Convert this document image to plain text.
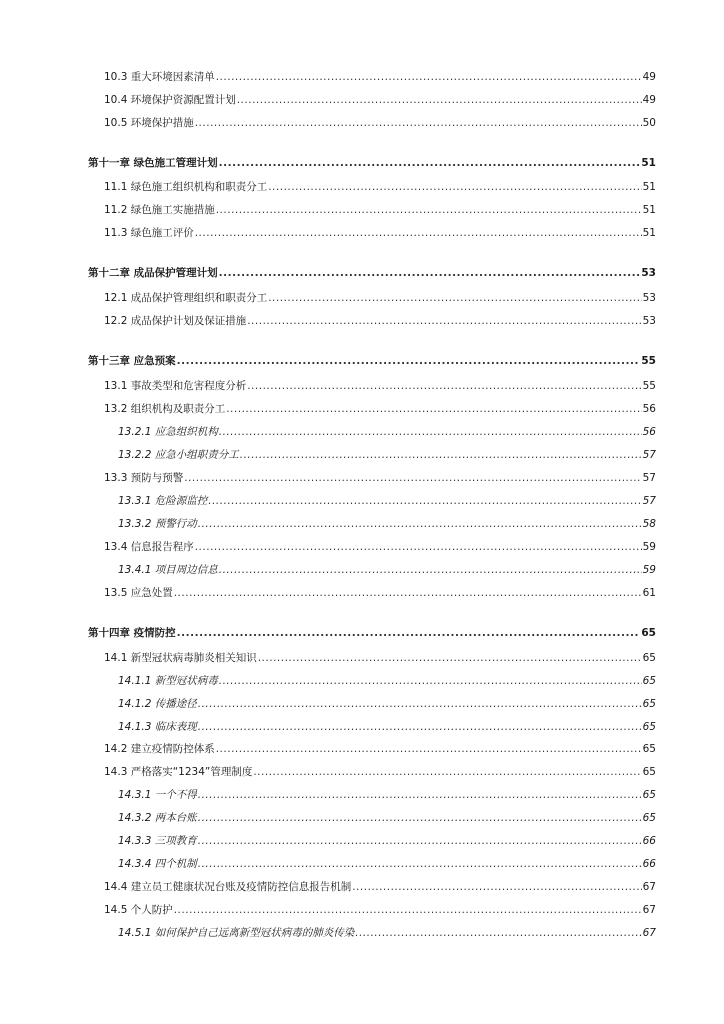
10.3 重大环境因素清单 .....	49
10.4 环境保护资源配置计划 .....	49
10.5 环境保护措施 .....	50
第十一章 绿色施工管理计划 .....	51
11.1 绿色施工组织机构和职责分工 .....	51
11.2 绿色施工实施措施 .....	51
11.3 绿色施工评价 .....	51
第十二章 成品保护管理计划 .....	53
12.1 成品保护管理组织和职责分工 .....	53
12.2 成品保护计划及保证措施 .....	53
第十三章 应急预案 .....	55
13.1 事故类型和危害程度分析 .....	55
13.2 组织机构及职责分工 .....	56
13.2.1 应急组织机构 .....	56
13.2.2 应急小组职责分工 .....	57
13.3 预防与预警 .....	57
13.3.1 危险源监控 .....	57
13.3.2 预警行动 .....	58
13.4 信息报告程序 .....	59
13.4.1 项目周边信息 .....	59
13.5 应急处置 .....	61
第十四章 疫情防控 .....	65
14.1 新型冠状病毒肺炎相关知识 .....	65
14.1.1 新型冠状病毒 .....	65
14.1.2 传播途径 .....	65
14.1.3 临床表现 .....	65
14.2 建立疫情防控体系 .....	65
14.3 严格落实“1234”管理制度 .....	65
14.3.1 一个不得 .....	65
14.3.2 两本台账 .....	65
14.3.3 三项教育 .....	66
14.3.4 四个机制 .....	66
14.4 建立员工健康状况台账及疫情防控信息报告机制 .....	67
14.5 个人防护 .....	67
14.5.1 如何保护自己远离新型冠状病毒的肺炎传染 .....	67
